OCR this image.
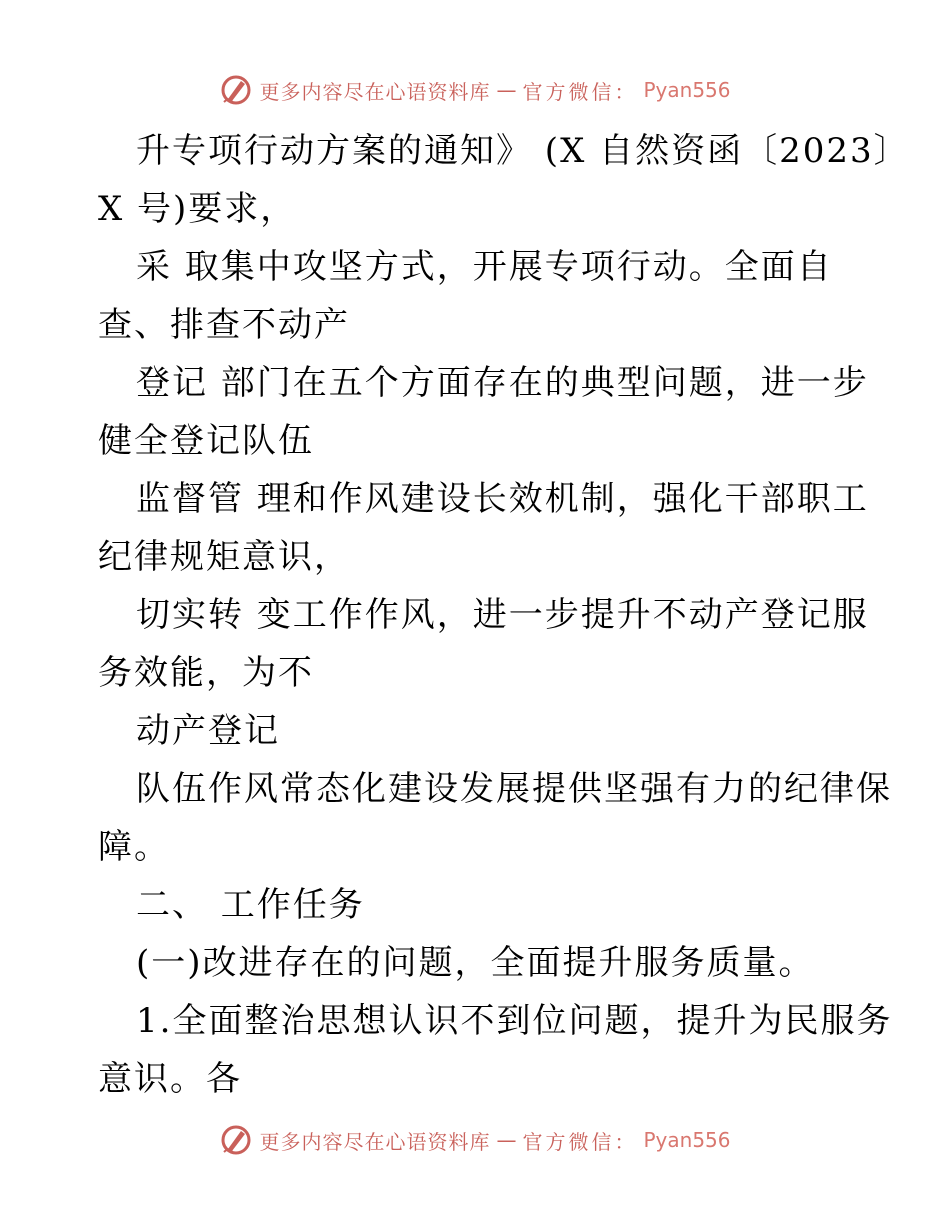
更多内容尽在心语资料库 — 官方微信： Pyan556
升专项行动方案的通知》 (X 自然资函〔2023〕
X 号)要求，
采 取集中攻坚方式，开展专项行动。全面自
查、排查不动产
登记 部门在五个方面存在的典型问题，进一步
健全登记队伍
监督管 理和作风建设长效机制，强化干部职工
纪律规矩意识，
切实转 变工作作风，进一步提升不动产登记服
务效能，为不
动产登记
队伍作风常态化建设发展提供坚强有力的纪律保
障。
二、 工作任务
(一)改进存在的问题，全面提升服务质量。
1.全面整治思想认识不到位问题，提升为民服务
意识。各
更多内容尽在心语资料库 — 官方微信： Pyan556
